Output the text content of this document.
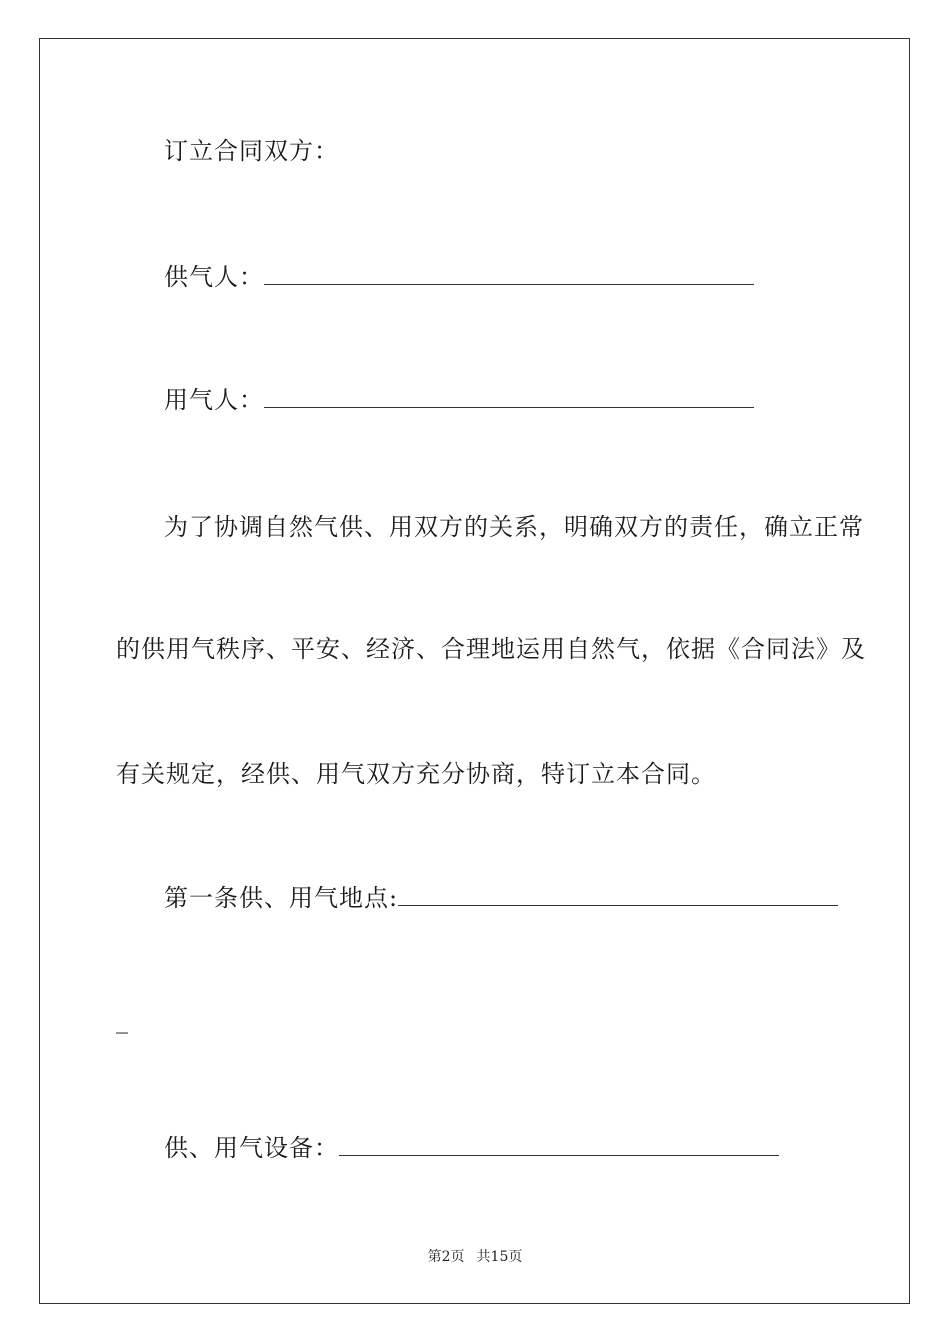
订立合同双方：
供气人：
用气人：
为了协调自然气供、用双方的关系，明确双方的责任，确立正常
的供用气秩序、平安、经济、合理地运用自然气，依据《合同法》及
有关规定，经供、用气双方充分协商，特订立本合同。
第一条供、用气地点:
_
供、用气设备：
第2页 共15页
